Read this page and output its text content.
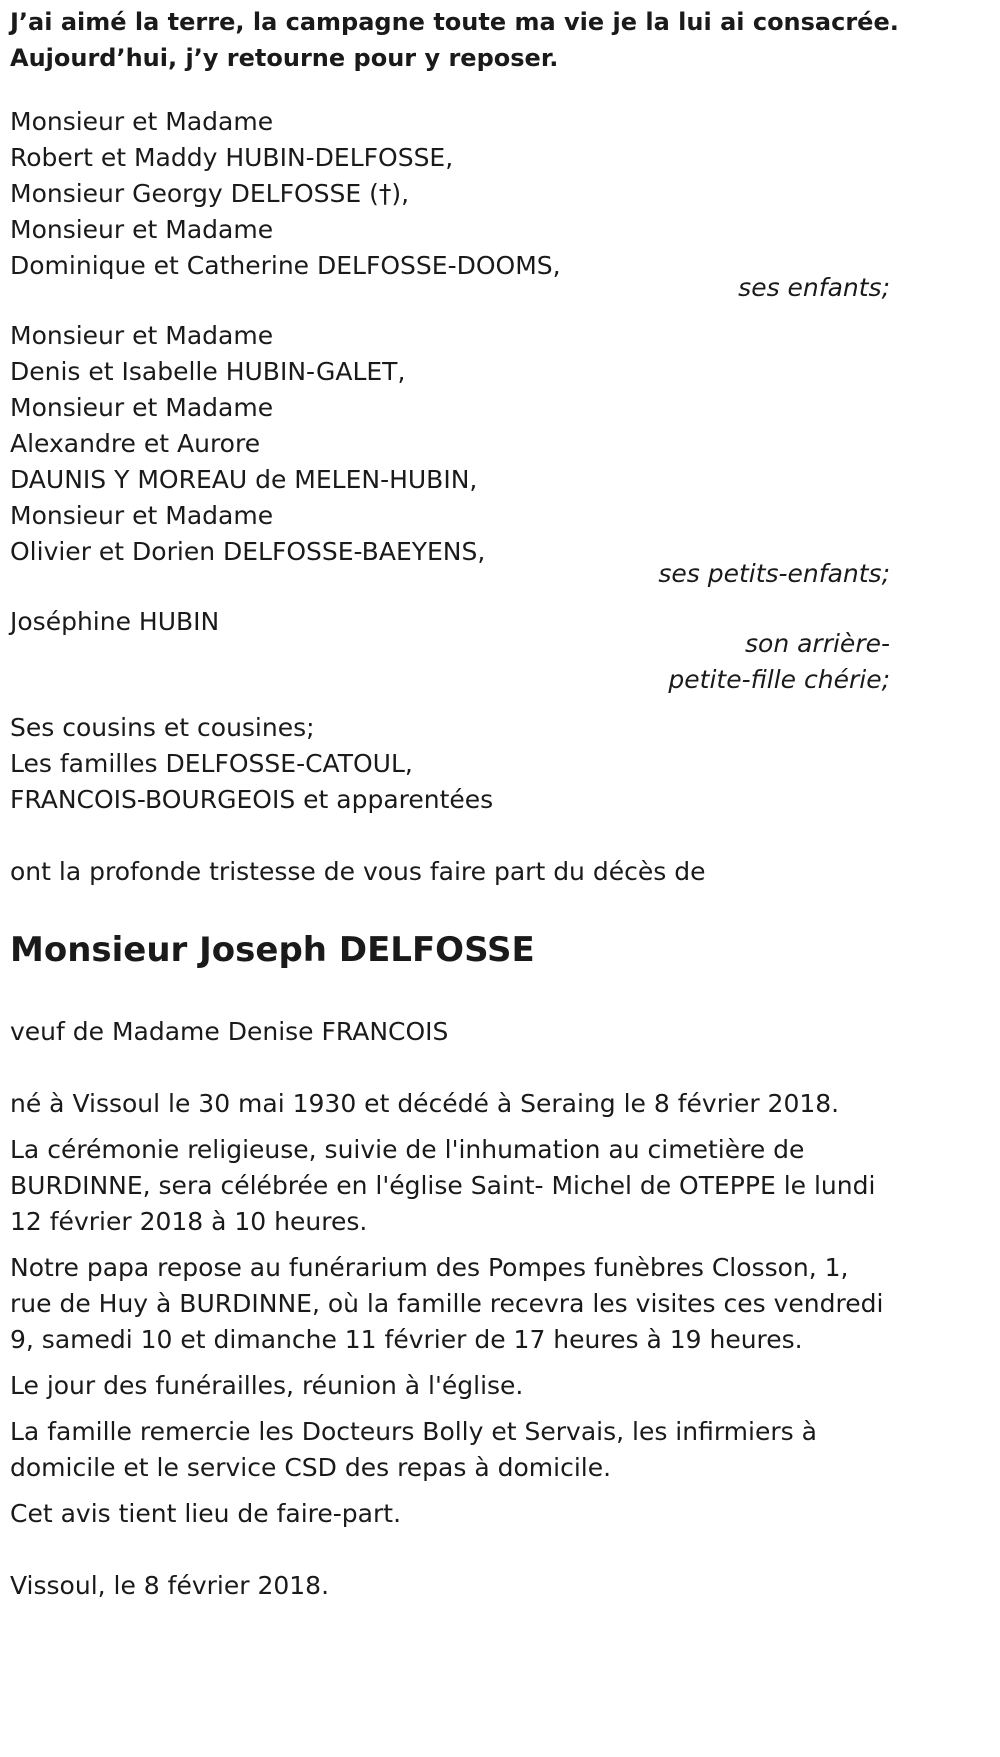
J’ai aimé la terre, la campagne toute ma vie je la lui ai consacrée.
Aujourd’hui, j’y retourne pour y reposer.
Monsieur et Madame
Robert et Maddy HUBIN-DELFOSSE,
Monsieur Georgy DELFOSSE (†),
Monsieur et Madame
Dominique et Catherine DELFOSSE-DOOMS,
ses enfants;
Monsieur et Madame
Denis et Isabelle HUBIN-GALET,
Monsieur et Madame
Alexandre et Aurore
DAUNIS Y MOREAU de MELEN-HUBIN,
Monsieur et Madame
Olivier et Dorien DELFOSSE-BAEYENS,
ses petits-enfants;
Joséphine HUBIN
son arrière-
petite-fille chérie;
Ses cousins et cousines;
Les familles DELFOSSE-CATOUL,
FRANCOIS-BOURGEOIS et apparentées
ont la profonde tristesse de vous faire part du décès de
Monsieur Joseph DELFOSSE
veuf de Madame Denise FRANCOIS

né à Vissoul le 30 mai 1930 et décédé à Seraing le 8 février 2018.

La cérémonie religieuse, suivie de l'inhumation au cimetière de BURDINNE, sera célébrée en l'église Saint- Michel de OTEPPE le lundi 12 février 2018 à 10 heures.

Notre papa repose au funérarium des Pompes funèbres Closson, 1, rue de Huy à BURDINNE, où la famille recevra les visites ces vendredi 9, samedi 10 et dimanche 11 février de 17 heures à 19 heures.

Le jour des funérailles, réunion à l'église.

La famille remercie les Docteurs Bolly et Servais, les infirmiers à domicile et le service CSD des repas à domicile.

Cet avis tient lieu de faire-part.

Vissoul, le 8 février 2018.
